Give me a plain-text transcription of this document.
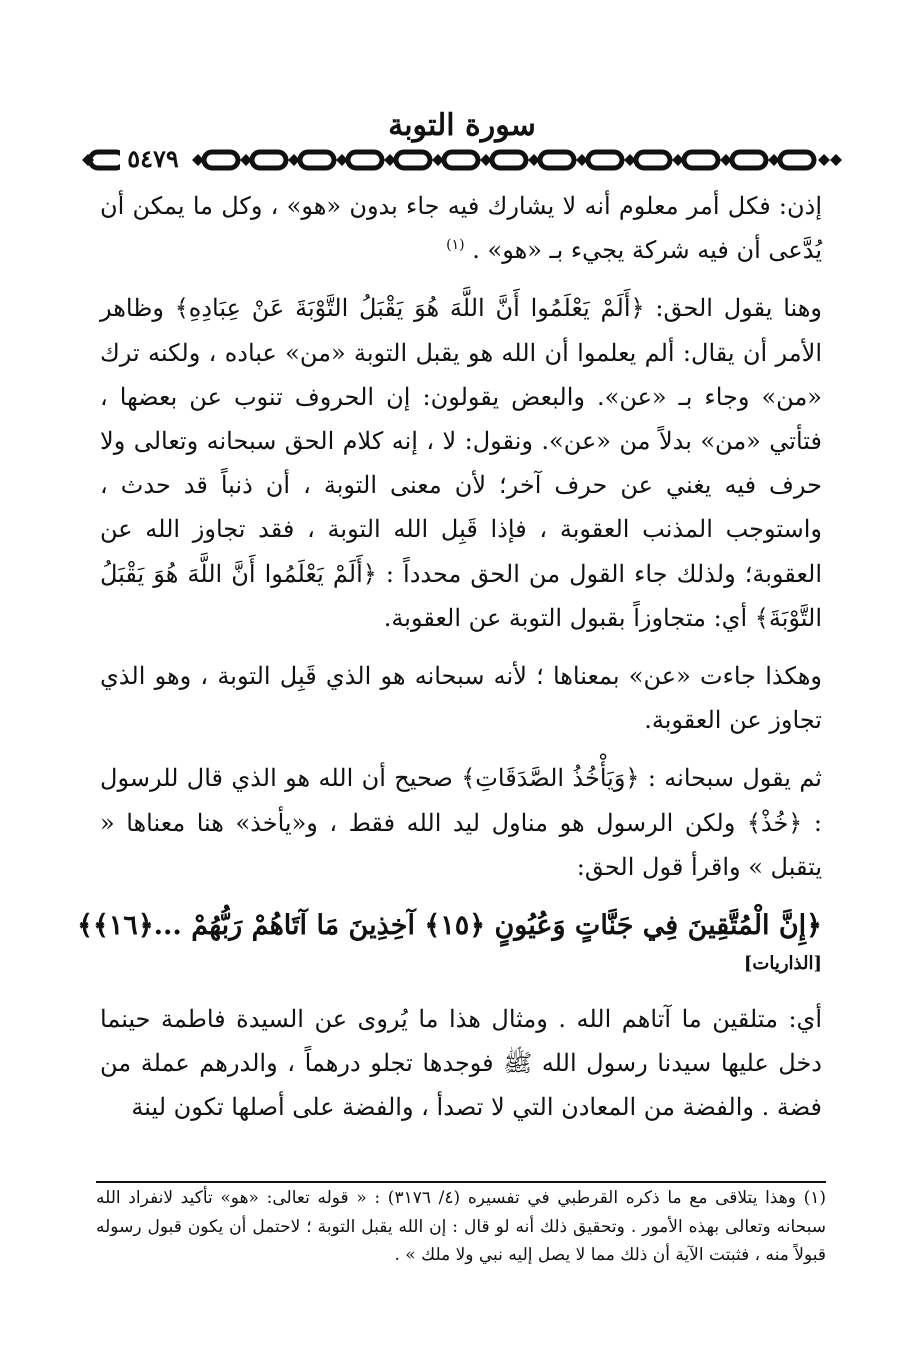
سورة التوبة
٥٤٧٩

إذن: فكل أمر معلوم أنه لا يشارك فيه جاء بدون «هو» ، وكل ما يمكن أن يُدَّعى أن فيه شركة يجيء بـ «هو» . $^{(١)}$

وهنا يقول الحق: ﴿أَلَمْ يَعْلَمُوا أَنَّ اللَّهَ هُوَ يَقْبَلُ التَّوْبَةَ عَنْ عِبَادِهِ﴾ وظاهر الأمر أن يقال: ألم يعلموا أن الله هو يقبل التوبة «من» عباده ، ولكنه ترك «من» وجاء بـ «عن». والبعض يقولون: إن الحروف تنوب عن بعضها ، فتأتي «من» بدلاً من «عن». ونقول: لا ، إنه كلام الحق سبحانه وتعالى ولا حرف فيه يغني عن حرف آخر؛ لأن معنى التوبة ، أن ذنباً قد حدث ، واستوجب المذنب العقوبة ، فإذا قَبِل الله التوبة ، فقد تجاوز الله عن العقوبة؛ ولذلك جاء القول من الحق محدداً : ﴿أَلَمْ يَعْلَمُوا أَنَّ اللَّهَ هُوَ يَقْبَلُ التَّوْبَةَ﴾ أي: متجاوزاً بقبول التوبة عن العقوبة.

وهكذا جاءت «عن» بمعناها ؛ لأنه سبحانه هو الذي قَبِل التوبة ، وهو الذي تجاوز عن العقوبة.

ثم يقول سبحانه : ﴿وَيَأْخُذُ الصَّدَقَاتِ﴾ صحيح أن الله هو الذي قال للرسول : ﴿خُذْ﴾ ولكن الرسول هو مناول ليد الله فقط ، و«يأخذ» هنا معناها « يتقبل » واقرأ قول الحق:

﴿إِنَّ الْمُتَّقِينَ فِي جَنَّاتٍ وَعُيُونٍ ﴿١٥﴾ آخِذِينَ مَا آتَاهُمْ رَبُّهُمْ ...﴿١٦﴾﴾
[الذاريات]

أي: متلقين ما آتاهم الله . ومثال هذا ما يُروى عن السيدة فاطمة حينما دخل عليها سيدنا رسول الله ﷺ فوجدها تجلو درهماً ، والدرهم عملة من فضة . والفضة من المعادن التي لا تصدأ ، والفضة على أصلها تكون لينة

(١) وهذا يتلاقى مع ما ذكره القرطبي في تفسيره (٤/ ٣١٧٦) : « قوله تعالى: «هو» تأكيد لانفراد الله سبحانه وتعالى بهذه الأمور . وتحقيق ذلك أنه لو قال : إن الله يقبل التوبة ؛ لاحتمل أن يكون قبول رسوله قبولاً منه ، فثبتت الآية أن ذلك مما لا يصل إليه نبي ولا ملك » .
